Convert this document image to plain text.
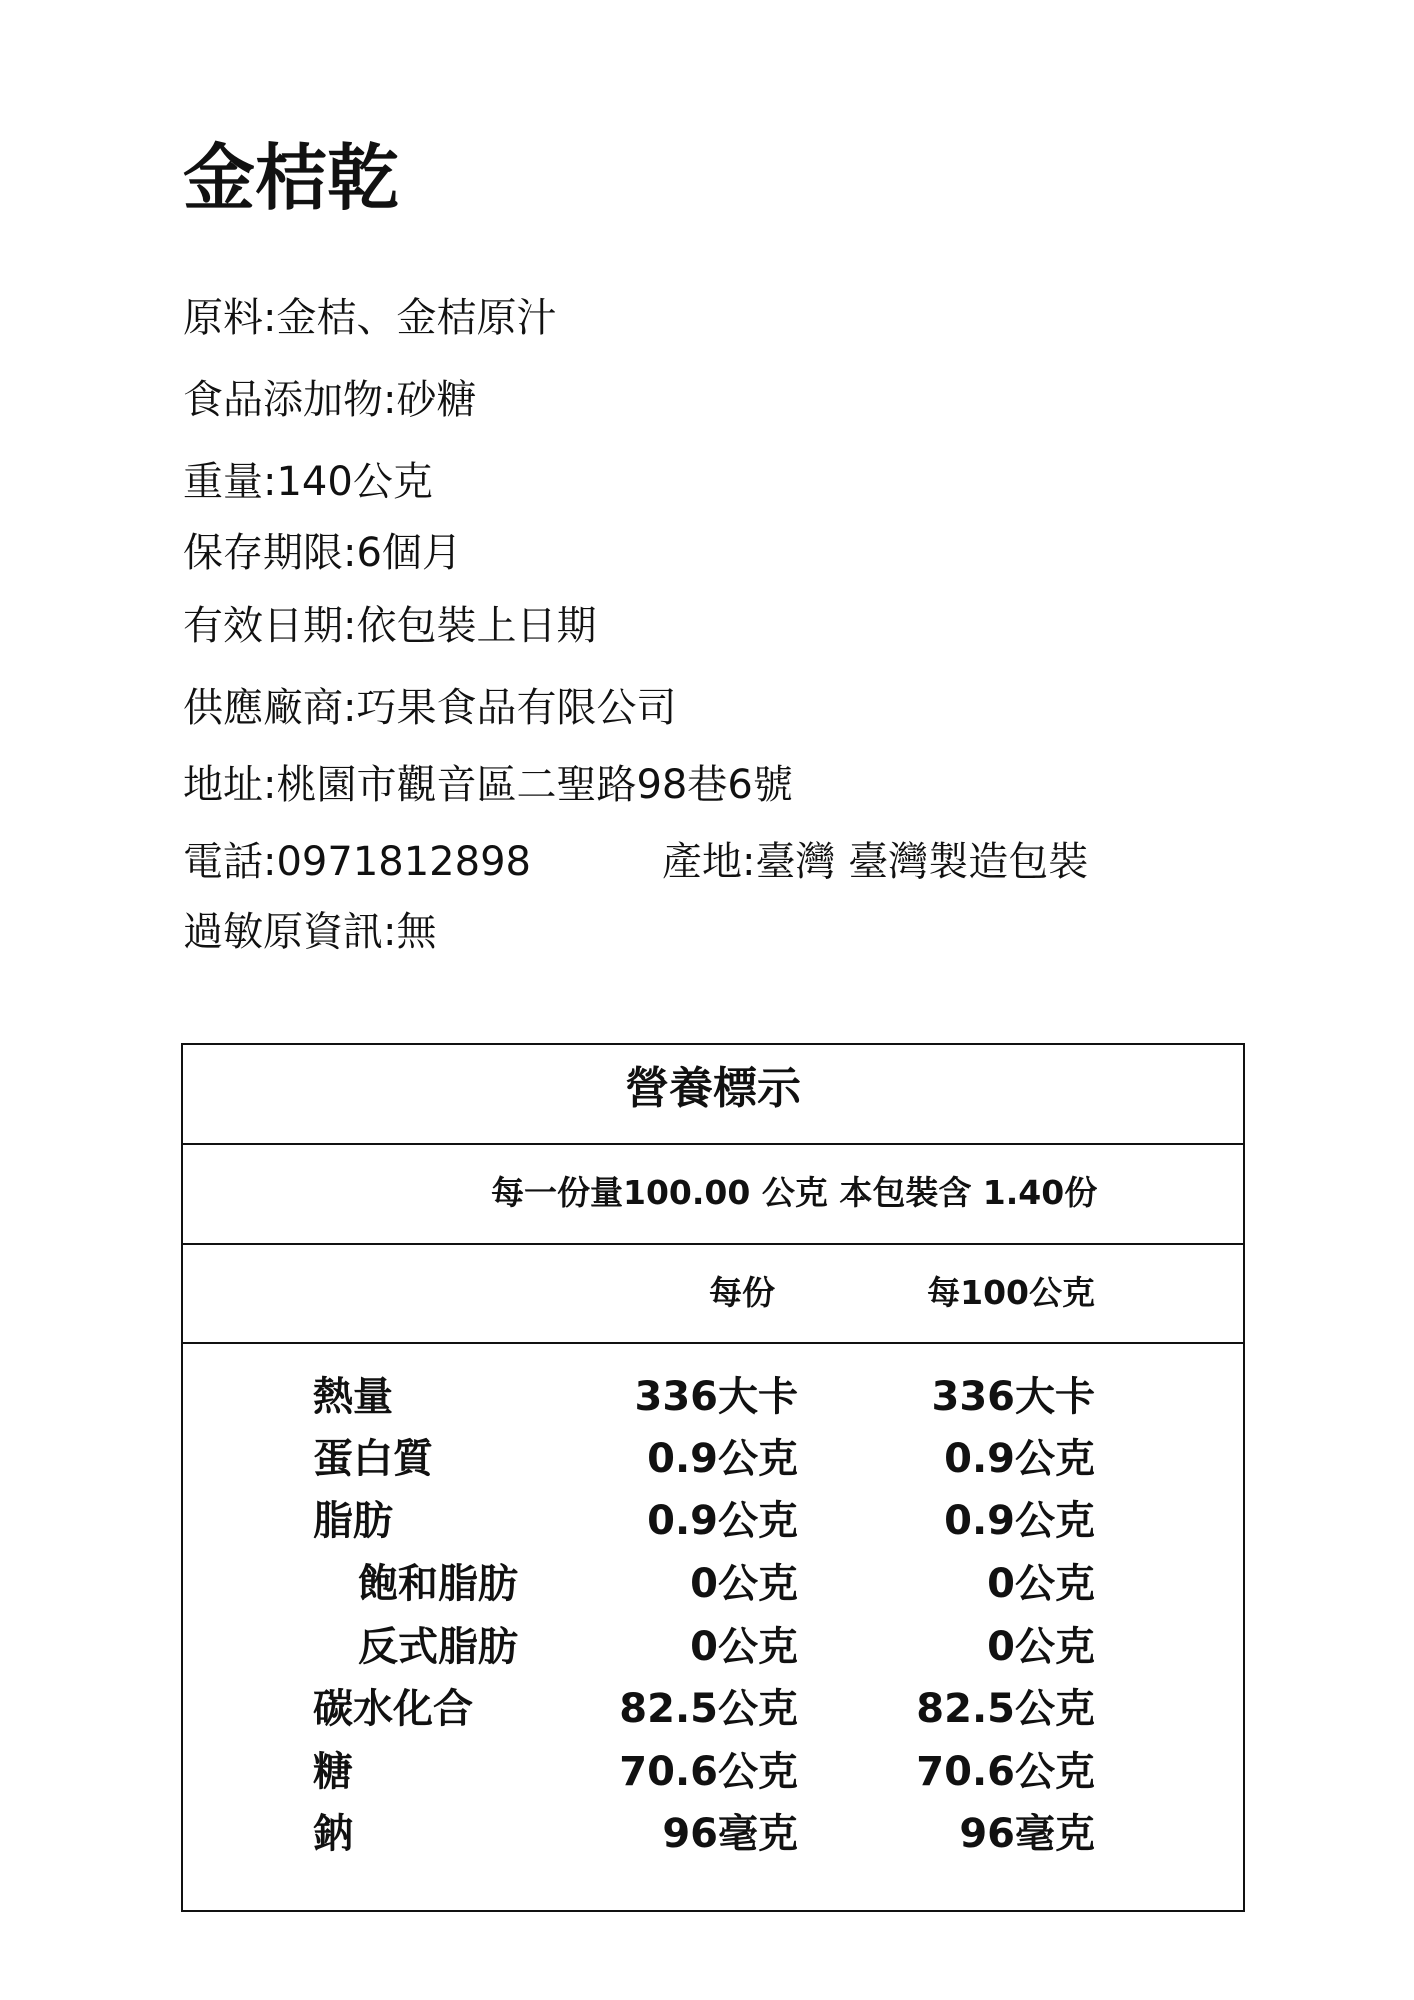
金桔乾
原料:金桔、金桔原汁
食品添加物:砂糖
重量:140公克
保存期限:6個月
有效日期:依包裝上日期
供應廠商:巧果食品有限公司
地址:桃園市觀音區二聖路98巷6號
電話:0971812898	產地:臺灣 臺灣製造包裝
過敏原資訊:無
營養標示
每一份量100.00 公克 本包裝含 1.40份
每份	每100公克
熱量	336大卡	336大卡
蛋白質	0.9公克	0.9公克
脂肪	0.9公克	0.9公克
飽和脂肪	0公克	0公克
反式脂肪	0公克	0公克
碳水化合	82.5公克	82.5公克
糖	70.6公克	70.6公克
鈉	96毫克	96毫克
